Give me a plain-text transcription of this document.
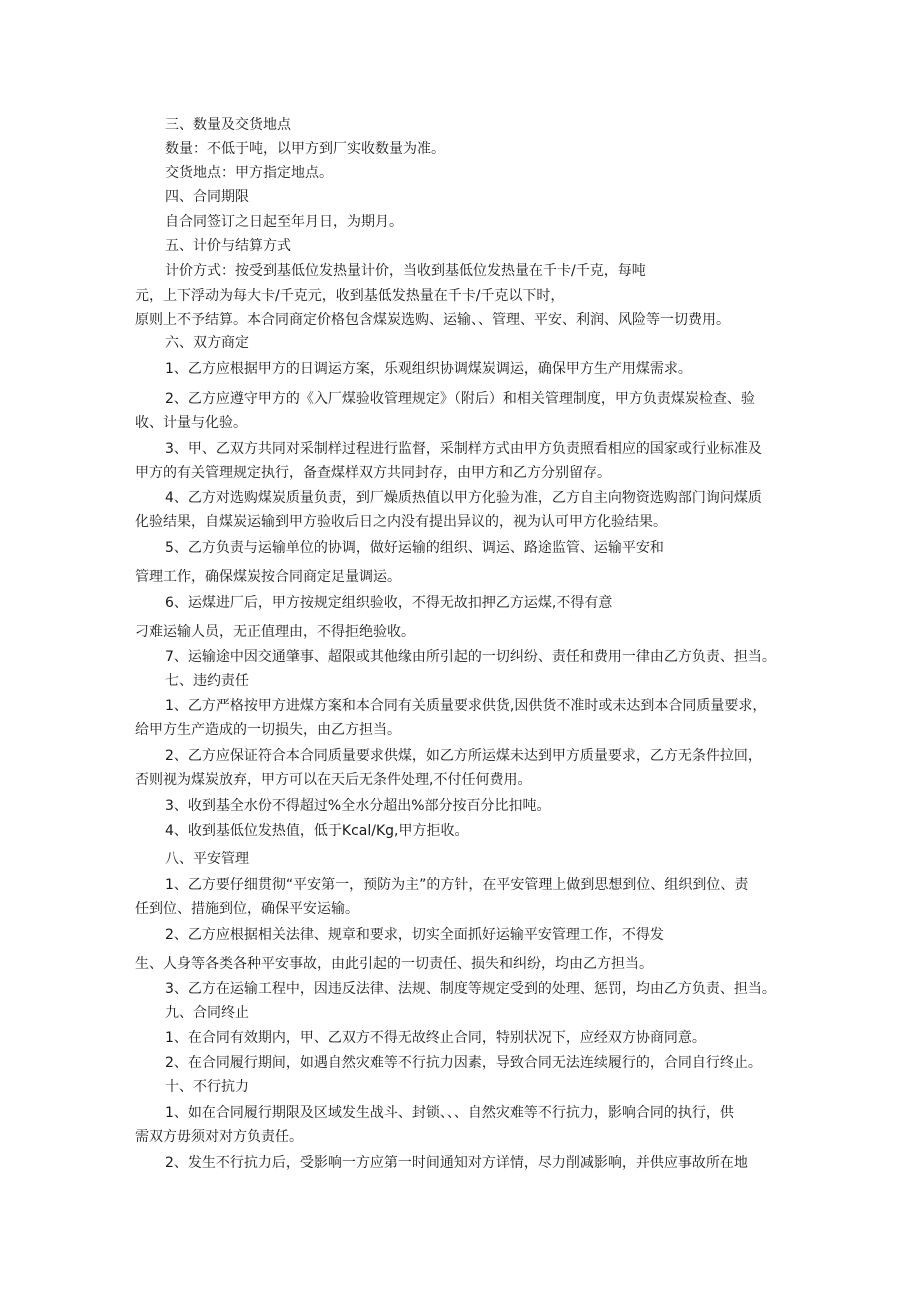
三、数量及交货地点
数量：不低于吨，以甲方到厂实收数量为准。
交货地点：甲方指定地点。
四、合同期限
自合同签订之日起至年月日，为期月。
五、计价与结算方式
计价方式：按受到基低位发热量计价，当收到基低位发热量在千卡/千克，每吨
元，上下浮动为每大卡/千克元，收到基低发热量在千卡/千克以下时，
原则上不予结算。本合同商定价格包含煤炭选购、运输、、管理、平安、利润、风险等一切费用。
六、双方商定
1、乙方应根据甲方的日调运方案，乐观组织协调煤炭调运，确保甲方生产用煤需求。
2、乙方应遵守甲方的《入厂煤验收管理规定》（附后）和相关管理制度，甲方负责煤炭检查、验
收、计量与化验。
3、甲、乙双方共同对采制样过程进行监督，采制样方式由甲方负责照看相应的国家或行业标准及
甲方的有关管理规定执行，备查煤样双方共同封存，由甲方和乙方分别留存。
4、乙方对选购煤炭质量负责，到厂燥质热值以甲方化验为准，乙方自主向物资选购部门询问煤质
化验结果，自煤炭运输到甲方验收后日之内没有提出异议的，视为认可甲方化验结果。
5、乙方负责与运输单位的协调，做好运输的组织、调运、路途监管、运输平安和
管理工作，确保煤炭按合同商定足量调运。
6、运煤进厂后，甲方按规定组织验收，不得无故扣押乙方运煤,不得有意
刁难运输人员，无正值理由，不得拒绝验收。
7、运输途中因交通肇事、超限或其他缘由所引起的一切纠纷、责任和费用一律由乙方负责、担当。
七、违约责任
1、乙方严格按甲方进煤方案和本合同有关质量要求供货,因供货不准时或未达到本合同质量要求，
给甲方生产造成的一切损失，由乙方担当。
2、乙方应保证符合本合同质量要求供煤，如乙方所运煤未达到甲方质量要求，乙方无条件拉回，
否则视为煤炭放弃，甲方可以在天后无条件处理,不付任何费用。
3、收到基全水份不得超过%全水分超出%部分按百分比扣吨。
4、收到基低位发热值，低于Kcal/Kg,甲方拒收。
八、平安管理
1、乙方要仔细贯彻“平安第一，预防为主”的方针，在平安管理上做到思想到位、组织到位、责
任到位、措施到位，确保平安运输。
2、乙方应根据相关法律、规章和要求，切实全面抓好运输平安管理工作，不得发
生、人身等各类各种平安事故，由此引起的一切责任、损失和纠纷，均由乙方担当。
3、乙方在运输工程中，因违反法律、法规、制度等规定受到的处理、惩罚，均由乙方负责、担当。
九、合同终止
1、在合同有效期内，甲、乙双方不得无故终止合同，特别状况下，应经双方协商同意。
2、在合同履行期间，如遇自然灾难等不行抗力因素，导致合同无法连续履行的，合同自行终止。
十、不行抗力
1、如在合同履行期限及区域发生战斗、封锁、、、自然灾难等不行抗力，影响合同的执行，供
需双方毋须对对方负责任。
2、发生不行抗力后，受影响一方应第一时间通知对方详情，尽力削减影响，并供应事故所在地
